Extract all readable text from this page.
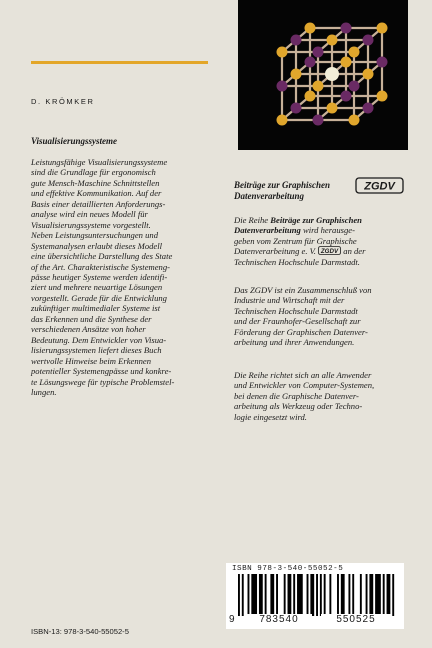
D. KRÖMKER
Visualisierungssysteme
Leistungsfähige Visualisierungssysteme
sind die Grundlage für ergonomisch
gute Mensch-Maschine Schnittstellen
und effektive Kommunikation. Auf der
Basis einer detaillierten Anforderungs-
analyse wird ein neues Modell für
Visualisierungssysteme vorgestellt.
Neben Leistungsuntersuchungen und
Systemanalysen erlaubt dieses Modell
eine übersichtliche Darstellung des State
of the Art. Charakteristische Systemeng-
pässe heutiger Systeme werden identifi-
ziert und mehrere neuartige Lösungen
vorgestellt. Gerade für die Entwicklung
zukünftiger multimedialer Systeme ist
das Erkennen und die Synthese der
verschiedenen Ansätze von hoher
Bedeutung. Dem Entwickler von Visua-
lisierungssystemen liefert dieses Buch
wertvolle Hinweise beim Erkennen
potentieller Systemengpässe und konkre-
te Lösungswege für typische Problemstel-
lungen.
Beiträge zur Graphischen
Datenverarbeitung
ZGDV
Die Reihe Beiträge zur Graphischen
Datenverarbeitung wird herausge-
geben vom Zentrum für Graphische
Datenverarbeitung e. V. ZGDV an der
Technischen Hochschule Darmstadt.
Das ZGDV ist ein Zusammenschluß von
Industrie und Wirtschaft mit der
Technischen Hochschule Darmstadt
und der Fraunhofer-Gesellschaft zur
Förderung der Graphischen Datenver-
arbeitung und ihrer Anwendungen.
Die Reihe richtet sich an alle Anwender
und Entwickler von Computer-Systemen,
bei denen die Graphische Datenver-
arbeitung als Werkzeug oder Techno-
logie eingesetzt wird.
ISBN 978-3-540-55052-5
9	783540	550525
ISBN-13: 978-3-540-55052-5
